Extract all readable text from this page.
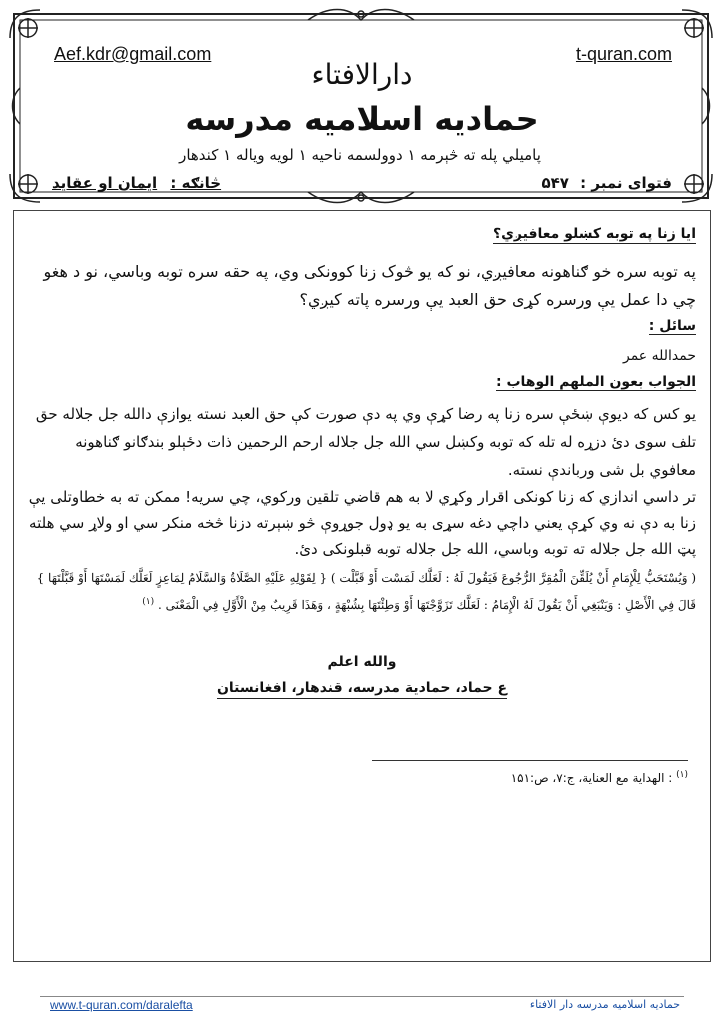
Aef.kdr@gmail.com	t-quran.com
دارالافتاء
حمادیه اسلامیه مدرسه
پامیلي پله ته څېرمه ۱ دوولسمه ناحیه ۱ لویه ویاله ۱ کندهار
فتوای نمبر : ۵۴۷
څانګه : ایمان او عقاید
ایا زنا په توبه کښلو معافيږي؟
په توبه سره خو ګناهونه معافيږي، نو که یو څوک زنا کوونکی وي، په حقه سره توبه وباسي، نو د هغو چي دا عمل یې ورسره کړی حق العبد یې ورسره پاته کيږي؟
سائل :
حمدالله عمر
الجواب بعون الملهم الوهاب :
یو کس که دیوې ښځې سره زنا په رضا کړې وي په دې صورت کې حق العبد نسته یوازې دالله جل جلاله حق تلف سوی دئ دزړه له تله که توبه وکښل سي الله جل جلاله ارحم الرحمین ذات دځېلو بندګانو ګناهونه معافوي بل شی ورباندې نسته.
تر داسي اندازي که زنا کونکی اقرار وکړي لا به هم قاضي تلقين ورکوي، چي سريه! ممکن ته به خطاوتلی یې زنا به دې نه وي کړې یعني داچي دغه سړی به یو ډول جوړوې څو ښېرته دزنا څخه منکر سي او ولاړ سي هلته پټ الله جل جلاله ته توبه وباسي، الله جل جلاله توبه قبلونکی دئ.
( وَيُسْتَحَبُّ لِلْإِمَامِ أَنْ يُلَقِّنَ الْمُقِرَّ الرُّجُوعَ فَيَقُولَ لَهُ : لَعَلَّك لَمَسْت أَوْ قَبَّلْت ) { لِقَوْلِهِ عَلَيْهِ الصَّلَاةُ وَالسَّلَامُ لِمَاعِزٍ لَعَلَّك لَمَسْتَهَا أَوْ قَبَّلْتَهَا } قَالَ فِي الْأَصْلِ : وَيَنْبَغِي أَنْ يَقُولَ لَهُ الْإِمَامُ : لَعَلَّك تَزَوَّجْتَهَا أَوْ وَطِئْتَهَا بِشُبْهَةٍ ، وَهَذَا قَرِيبٌ مِنْ الْأَوَّلِ فِي الْمَعْنَى . $^{(۱)}$
والله اعلم
ع حماد، حمادية مدرسه، قندهار، افغانستان
$^{(۱)}$ : الهداية مع العناية، ج:۷، ص:۱۵۱
www.t-quran.com/daralefta	حمادیه اسلامیه مدرسه دار الافتاء
